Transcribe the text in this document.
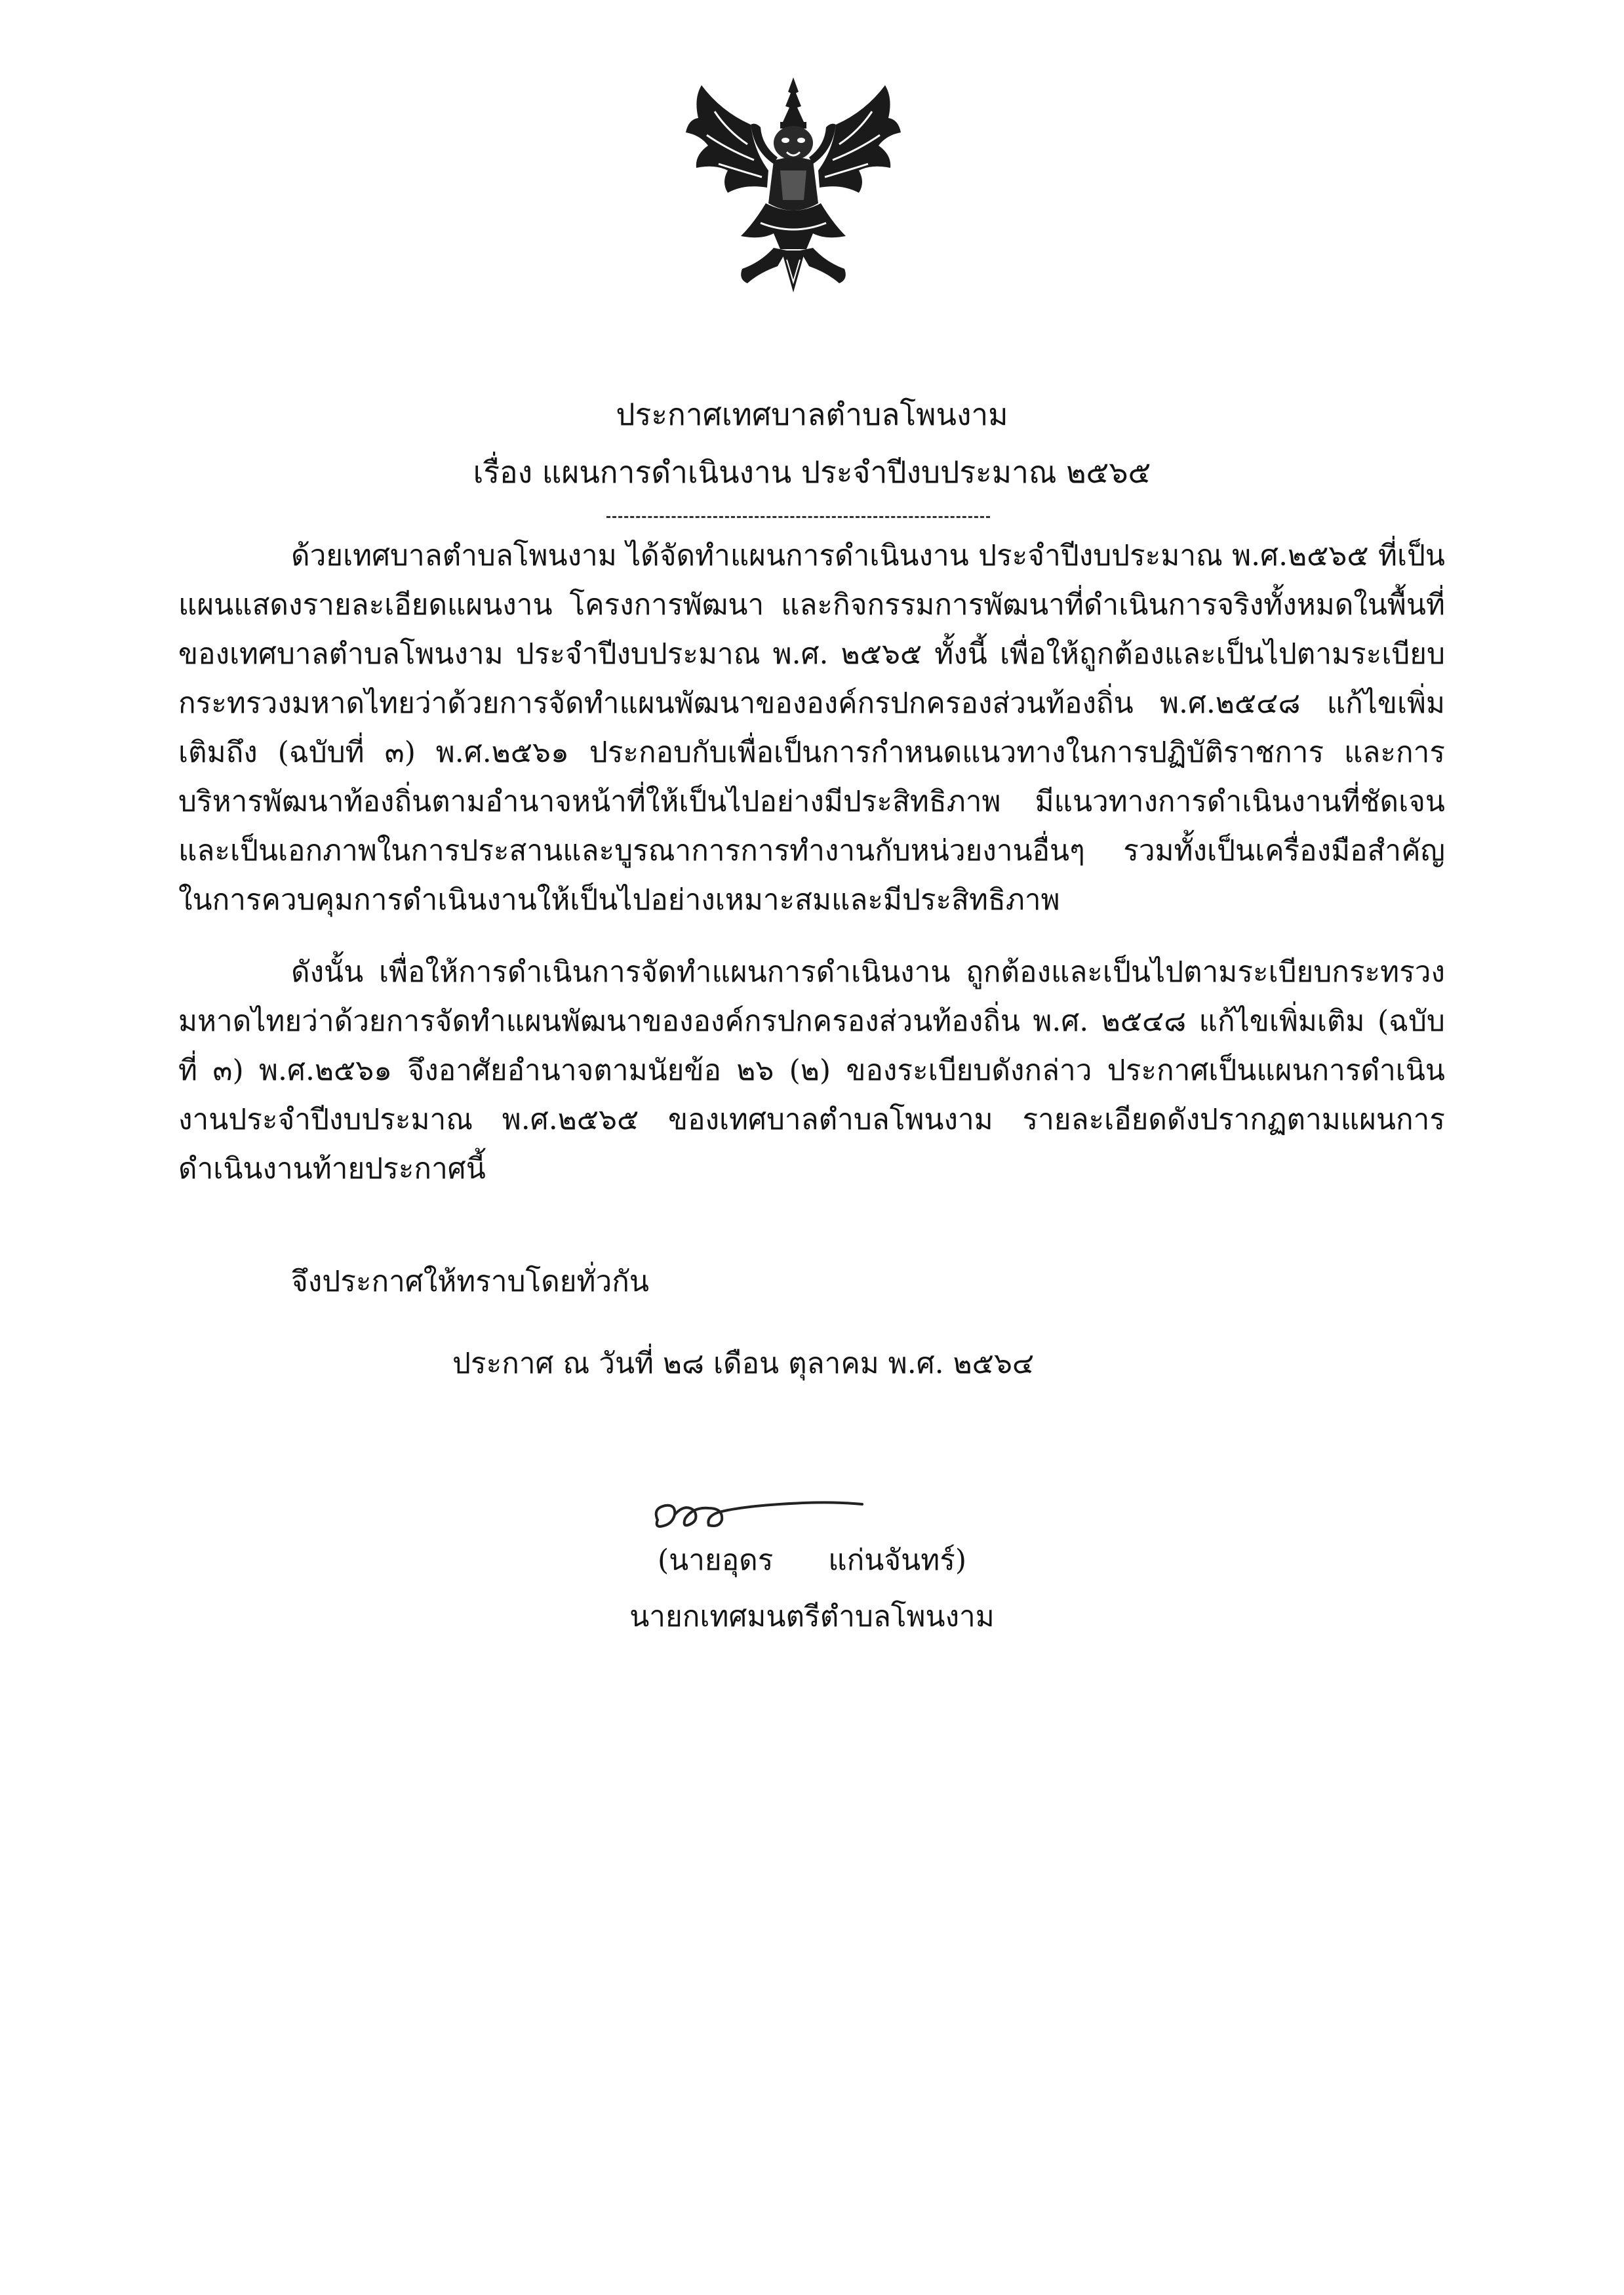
ประกาศเทศบาลตำบลโพนงาม
เรื่อง แผนการดำเนินงาน ประจำปีงบประมาณ ๒๕๖๕

ด้วยเทศบาลตำบลโพนงาม ได้จัดทำแผนการดำเนินงาน ประจำปีงบประมาณ พ.ศ.๒๕๖๕ ที่เป็นแผนแสดงรายละเอียดแผนงาน โครงการพัฒนา และกิจกรรมการพัฒนาที่ดำเนินการจริงทั้งหมดในพื้นที่ของเทศบาลตำบลโพนงาม ประจำปีงบประมาณ พ.ศ. ๒๕๖๕ ทั้งนี้ เพื่อให้ถูกต้องและเป็นไปตามระเบียบกระทรวงมหาดไทยว่าด้วยการจัดทำแผนพัฒนาขององค์กรปกครองส่วนท้องถิ่น พ.ศ.๒๕๔๘ แก้ไขเพิ่มเติมถึง (ฉบับที่ ๓) พ.ศ.๒๕๖๑ ประกอบกับเพื่อเป็นการกำหนดแนวทางในการปฏิบัติราชการ และการบริหารพัฒนาท้องถิ่นตามอำนาจหน้าที่ให้เป็นไปอย่างมีประสิทธิภาพ มีแนวทางการดำเนินงานที่ชัดเจน และเป็นเอกภาพในการประสานและบูรณาการการทำงานกับหน่วยงานอื่นๆ รวมทั้งเป็นเครื่องมือสำคัญในการควบคุมการดำเนินงานให้เป็นไปอย่างเหมาะสมและมีประสิทธิภาพ

ดังนั้น เพื่อให้การดำเนินการจัดทำแผนการดำเนินงาน ถูกต้องและเป็นไปตามระเบียบกระทรวงมหาดไทยว่าด้วยการจัดทำแผนพัฒนาขององค์กรปกครองส่วนท้องถิ่น พ.ศ. ๒๕๔๘ แก้ไขเพิ่มเติม (ฉบับที่ ๓) พ.ศ.๒๕๖๑ จึงอาศัยอำนาจตามนัยข้อ ๒๖ (๒) ของระเบียบดังกล่าว ประกาศเป็นแผนการดำเนินงานประจำปีงบประมาณ พ.ศ.๒๕๖๕ ของเทศบาลตำบลโพนงาม รายละเอียดดังปรากฏตามแผนการดำเนินงานท้ายประกาศนี้

จึงประกาศให้ทราบโดยทั่วกัน
ประกาศ ณ วันที่ ๒๘ เดือน ตุลาคม พ.ศ. ๒๕๖๔
(นายอุดร      แก่นจันทร์)
นายกเทศมนตรีตำบลโพนงาม
